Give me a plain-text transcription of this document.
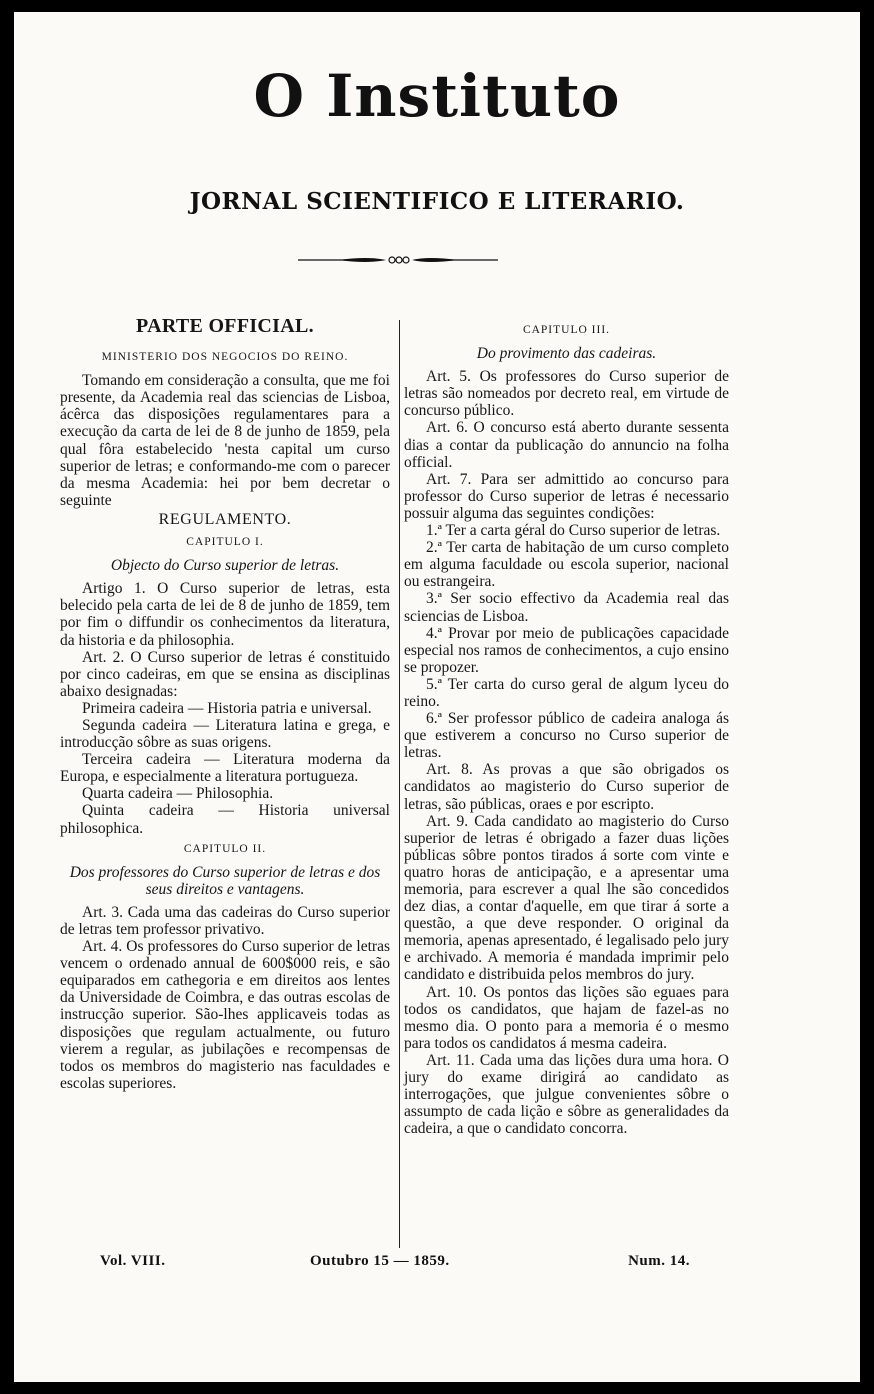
O Instituto
JORNAL SCIENTIFICO E LITERARIO.
PARTE OFFICIAL.
MINISTERIO DOS NEGOCIOS DO REINO.

Tomando em consideração a consulta, que me foi presente, da Academia real das sciencias de Lisboa, ácêrca das disposições regulamentares para a execução da carta de lei de 8 de junho de 1859, pela qual fôra estabelecido 'nesta capital um curso superior de letras; e conformando-me com o parecer da mesma Academia: hei por bem decretar o seguinte

REGULAMENTO.
CAPITULO I.
Objecto do Curso superior de letras.

Artigo 1. O Curso superior de letras, esta belecido pela carta de lei de 8 de junho de 1859, tem por fim o diffundir os conhecimentos da literatura, da historia e da philosophia.

Art. 2. O Curso superior de letras é constituido por cinco cadeiras, em que se ensina as disciplinas abaixo designadas:

Primeira cadeira — Historia patria e universal.

Segunda cadeira — Literatura latina e grega, e introducção sôbre as suas origens.

Terceira cadeira — Literatura moderna da Europa, e especialmente a literatura portugueza.

Quarta cadeira — Philosophia.

Quinta cadeira — Historia universal philosophica.

CAPITULO II.
Dos professores do Curso superior de letras e dos seus direitos e vantagens.

Art. 3. Cada uma das cadeiras do Curso superior de letras tem professor privativo.

Art. 4. Os professores do Curso superior de letras vencem o ordenado annual de 600$000 reis, e são equiparados em cathegoria e em direitos aos lentes da Universidade de Coimbra, e das outras escolas de instrucção superior. São-lhes applicaveis todas as disposições que regulam actualmente, ou futuro vierem a regular, as jubilações e recompensas de todos os membros do magisterio nas faculdades e escolas superiores.

CAPITULO III.
Do provimento das cadeiras.

Art. 5. Os professores do Curso superior de letras são nomeados por decreto real, em virtude de concurso público.

Art. 6. O concurso está aberto durante sessenta dias a contar da publicação do annuncio na folha official.

Art. 7. Para ser admittido ao concurso para professor do Curso superior de letras é necessario possuir alguma das seguintes condições:

1.ª Ter a carta géral do Curso superior de letras.

2.ª Ter carta de habitação de um curso completo em alguma faculdade ou escola superior, nacional ou estrangeira.

3.ª Ser socio effectivo da Academia real das sciencias de Lisboa.

4.ª Provar por meio de publicações capacidade especial nos ramos de conhecimentos, a cujo ensino se propozer.

5.ª Ter carta do curso geral de algum lyceu do reino.

6.ª Ser professor público de cadeira analoga ás que estiverem a concurso no Curso superior de letras.

Art. 8. As provas a que são obrigados os candidatos ao magisterio do Curso superior de letras, são públicas, oraes e por escripto.

Art. 9. Cada candidato ao magisterio do Curso superior de letras é obrigado a fazer duas lições públicas sôbre pontos tirados á sorte com vinte e quatro horas de anticipação, e a apresentar uma memoria, para escrever a qual lhe são concedidos dez dias, a contar d'aquelle, em que tirar á sorte a questão, a que deve responder. O original da memoria, apenas apresentado, é legalisado pelo jury e archivado. A memoria é mandada imprimir pelo candidato e distribuida pelos membros do jury.

Art. 10. Os pontos das lições são eguaes para todos os candidatos, que hajam de fazel-as no mesmo dia. O ponto para a memoria é o mesmo para todos os candidatos á mesma cadeira.

Art. 11. Cada uma das lições dura uma hora. O jury do exame dirigirá ao candidato as interrogações, que julgue convenientes sôbre o assumpto de cada lição e sôbre as generalidades da cadeira, a que o candidato concorra.

Vol. VIII.	Outubro 15 — 1859.	Num. 14.
